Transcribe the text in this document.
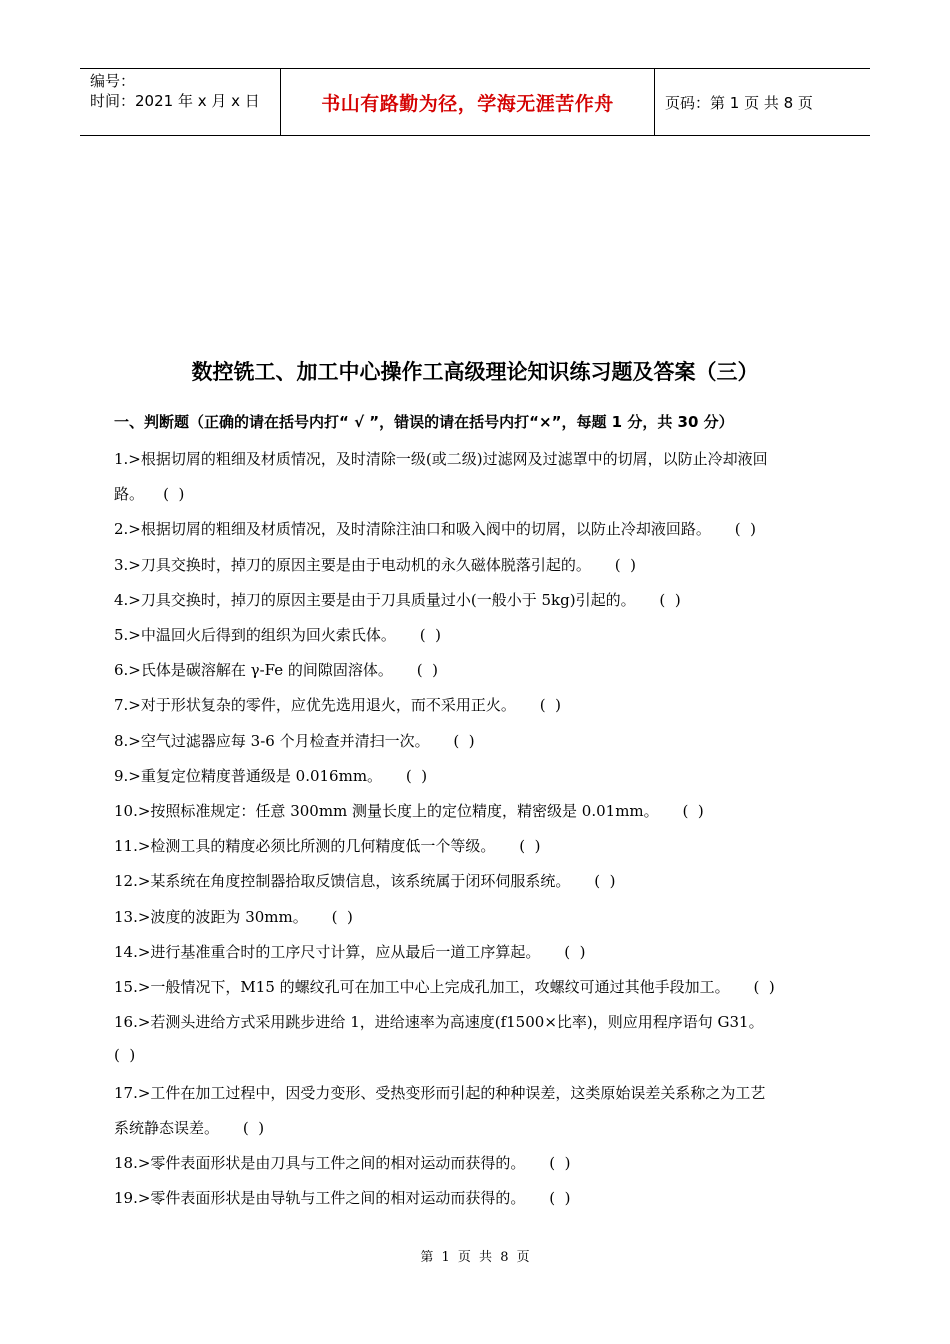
编号：
时间：2021 年 x 月 x 日	书山有路勤为径，学海无涯苦作舟	页码：第 1 页 共 8 页
数控铣工、加工中心操作工高级理论知识练习题及答案（三）
一、判断题（正确的请在括号内打“ √ ”，错误的请在括号内打“×”，每题 1 分，共 30 分）
1.>根据切屑的粗细及材质情况，及时清除一级(或二级)过滤网及过滤罩中的切屑，以防止冷却液回
路。    (  )
2.>根据切屑的粗细及材质情况，及时清除注油口和吸入阀中的切屑，以防止冷却液回路。     (  )
3.>刀具交换时，掉刀的原因主要是由于电动机的永久磁体脱落引起的。     (  )
4.>刀具交换时，掉刀的原因主要是由于刀具质量过小(一般小于 5kg)引起的。     (  )
5.>中温回火后得到的组织为回火索氏体。     (  )
6.>氏体是碳溶解在 γ-Fe 的间隙固溶体。     (  )
7.>对于形状复杂的零件，应优先选用退火，而不采用正火。     (  )
8.>空气过滤器应每 3-6 个月检查并清扫一次。     (  )
9.>重复定位精度普通级是 0.016mm。     (  )
10.>按照标准规定：任意 300mm 测量长度上的定位精度，精密级是 0.01mm。     (  )
11.>检测工具的精度必须比所测的几何精度低一个等级。     (  )
12.>某系统在角度控制器拾取反馈信息，该系统属于闭环伺服系统。     (  )
13.>波度的波距为 30mm。     (  )
14.>进行基准重合时的工序尺寸计算，应从最后一道工序算起。     (  )
15.>一般情况下，M15 的螺纹孔可在加工中心上完成孔加工，攻螺纹可通过其他手段加工。     (  )
16.>若测头进给方式采用跳步进给 1，进给速率为高速度(f1500×比率)，则应用程序语句 G31。
(  )
17.>工件在加工过程中，因受力变形、受热变形而引起的种种误差，这类原始误差关系称之为工艺
系统静态误差。     (  )
18.>零件表面形状是由刀具与工件之间的相对运动而获得的。     (  )
19.>零件表面形状是由导轨与工件之间的相对运动而获得的。     (  )
第 1 页 共 8 页
